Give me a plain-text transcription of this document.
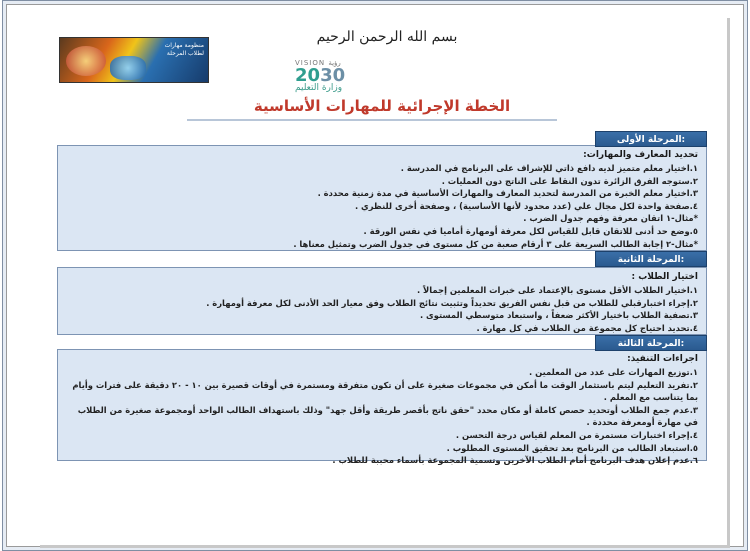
منظومة مهارات
لطلاب المرحلة
بسم الله الرحمن الرحيم
VISION رؤية
2030
وزارة التعليم
الخطة الإجرائية للمهارات الأساسية
تحديد المعارف والمهارات:
١.اختيار معلم متميز لديه دافع ذاتي للإشراف على البرنامج في المدرسة .
٢.ستوجه الفرق الزائرة تدون النقاط على الناتج دون العمليات .
٣.اختيار معلم الخبرة من المدرسة لتحديد المعارف والمهارات الأساسية في مدة زمنية محددة .
٤.صفحة واحدة لكل مجال علي (عدد محدود لأنها الأساسية) ، وصفحة أخرى للنظري .
*مثال-١ اتقان معرفة وفهم جدول الضرب .
٥.وضع حد أدنى للاتقان قابل للقياس لكل معرفة أومهارة أماميا في نفس الورقة .
*مثال-٢ إجابة الطالب السريعة على ٣ أرقام صعبة من كل مستوى في جدول الضرب وتمثيل معناها .
المرحلة الأولى:
اختيار الطلاب :
١.اختيار الطلاب الأقل مستوى بالإعتماد على خبرات المعلمين إجمالاً .
٢.إجراء اختبارقبلي للطلاب من قبل نفس الفريق تحديداً وتثبيت نتائج الطلاب وفق معيار الحد الأدنى لكل معرفة أومهارة .
٣.تصفية الطلاب باختيار الأكثر ضعفاً ، واستبعاد متوسطي المستوى .
٤.تحديد احتياج كل مجموعة من الطلاب في كل مهارة .
المرحلة الثانية:
اجراءات التنفيذ:
١.توزيع المهارات على عدد من المعلمين .
٢.تفريد التعليم ليتم باستثمار الوقت ما أمكن في مجموعات صغيرة على أن تكون متفرقة ومستمرة في أوقات قصيرة بين ١٠ - ٢٠ دقيقة على فترات وأيام بما يتناسب مع المعلم .
٣.عدم جمع الطلاب أوتحديد حصص كاملة أو مكان محدد "حقق ناتج بأقصر طريقة وأقل جهد" وذلك باستهداف الطالب الواحد أومجموعة صغيرة من الطلاب في مهارة أومعرفة محددة .
٤.إجراء اختبارات مستمرة من المعلم لقياس درجة التحسن .
٥.استبعاد الطالب من البرنامج بعد تحقيق المستوى المطلوب .
٦.عدم إعلان هدف البرنامج أمام الطلاب الآخرين وتسمية المجموعة بأسماء محببة للطلاب .
المرحلة الثالثة:
